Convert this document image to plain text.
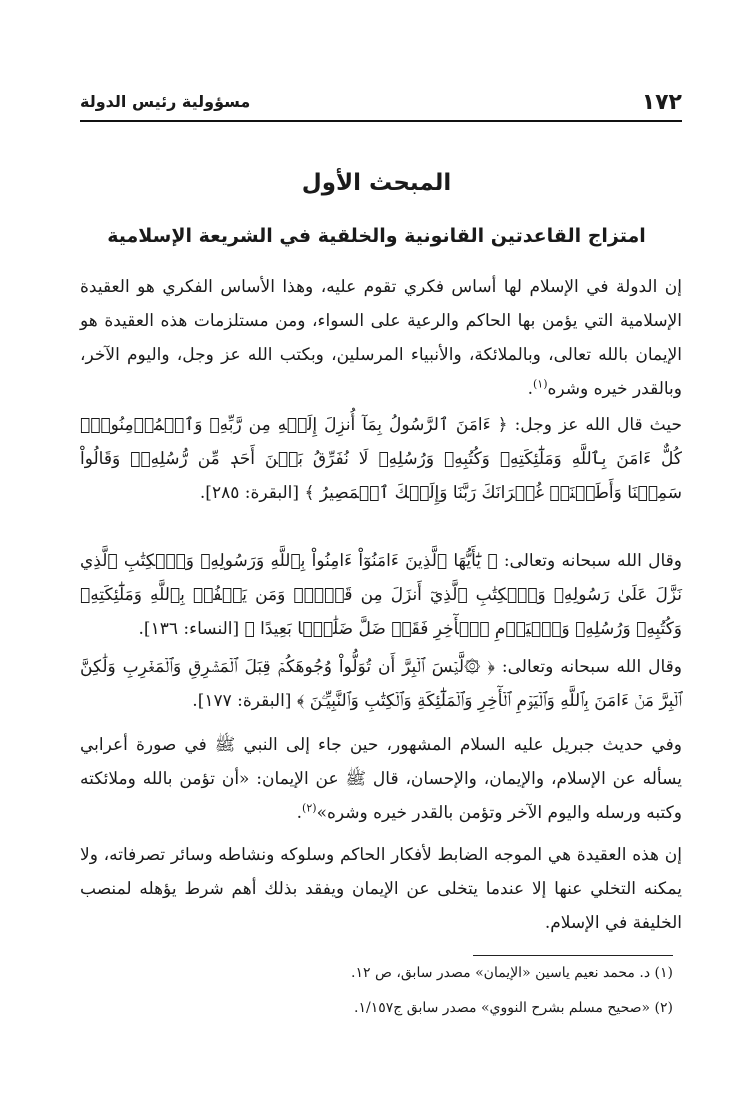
١٧٢
مسؤولية رئيس الدولة
المبحث الأول
امتزاج القاعدتين القانونية والخلقية في الشريعة الإسلامية

إن الدولة في الإسلام لها أساس فكري تقوم عليه، وهذا الأساس الفكري هو العقيدة الإسلامية التي يؤمن بها الحاكم والرعية على السواء، ومن مستلزمات هذه العقيدة هو الإيمان بالله تعالى، وبالملائكة، والأنبياء المرسلين، وبكتب الله عز وجل، واليوم الآخر، وبالقدر خيره وشره$^{(١)}$.

حيث قال الله عز وجل: ﴿ ءَامَنَ ٱلرَّسُولُ بِمَآ أُنزِلَ إِلَيۡهِ مِن رَّبِّهِۦ وَٱلۡمُؤۡمِنُونَۚ كُلٌّ ءَامَنَ بِٱللَّهِ وَمَلَٰٓئِكَتِهِۦ وَكُتُبِهِۦ وَرُسُلِهِۦ لَا نُفَرِّقُ بَيۡنَ أَحَدٖ مِّن رُّسُلِهِۦۚ وَقَالُواْ سَمِعۡنَا وَأَطَعۡنَاۖ غُفۡرَانَكَ رَبَّنَا وَإِلَيۡكَ ٱلۡمَصِيرُ ﴾ [البقرة: ٢٨٥].

وقال الله سبحانه وتعالى: ﴿ يَٰٓأَيُّهَا ٱلَّذِينَ ءَامَنُوٓاْ ءَامِنُواْ بِٱللَّهِ وَرَسُولِهِۦ وَٱلۡكِتَٰبِ ٱلَّذِي نَزَّلَ عَلَىٰ رَسُولِهِۦ وَٱلۡكِتَٰبِ ٱلَّذِيٓ أَنزَلَ مِن قَبۡلُۚ وَمَن يَكۡفُرۡ بِٱللَّهِ وَمَلَٰٓئِكَتِهِۦ وَكُتُبِهِۦ وَرُسُلِهِۦ وَٱلۡيَوۡمِ ٱلۡأٓخِرِ فَقَدۡ ضَلَّ ضَلَٰلَۢا بَعِيدًا ﴾ [النساء: ١٣٦].

وقال الله سبحانه وتعالى: ﴿ ۞لَّيۡسَ ٱلۡبِرَّ أَن تُوَلُّواْ وُجُوهَكُمۡ قِبَلَ ٱلۡمَشۡرِقِ وَٱلۡمَغۡرِبِ وَلَٰكِنَّ ٱلۡبِرَّ مَنۡ ءَامَنَ بِٱللَّهِ وَٱلۡيَوۡمِ ٱلۡأٓخِرِ وَٱلۡمَلَٰٓئِكَةِ وَٱلۡكِتَٰبِ وَٱلنَّبِيِّـۧنَ ﴾ [البقرة: ١٧٧].

وفي حديث جبريل عليه السلام المشهور، حين جاء إلى النبي ﷺ في صورة أعرابي يسأله عن الإسلام، والإيمان، والإحسان، قال ﷺ عن الإيمان: «أن تؤمن بالله وملائكته وكتبه ورسله واليوم الآخر وتؤمن بالقدر خيره وشره»$^{(٢)}$.

إن هذه العقيدة هي الموجه الضابط لأفكار الحاكم وسلوكه ونشاطه وسائر تصرفاته، ولا يمكنه التخلي عنها إلا عندما يتخلى عن الإيمان ويفقد بذلك أهم شرط يؤهله لمنصب الخليفة في الإسلام.

(١) د. محمد نعيم ياسين «الإيمان» مصدر سابق، ص ١٢.
(٢) «صحيح مسلم بشرح النووي» مصدر سابق ج١/١٥٧.
